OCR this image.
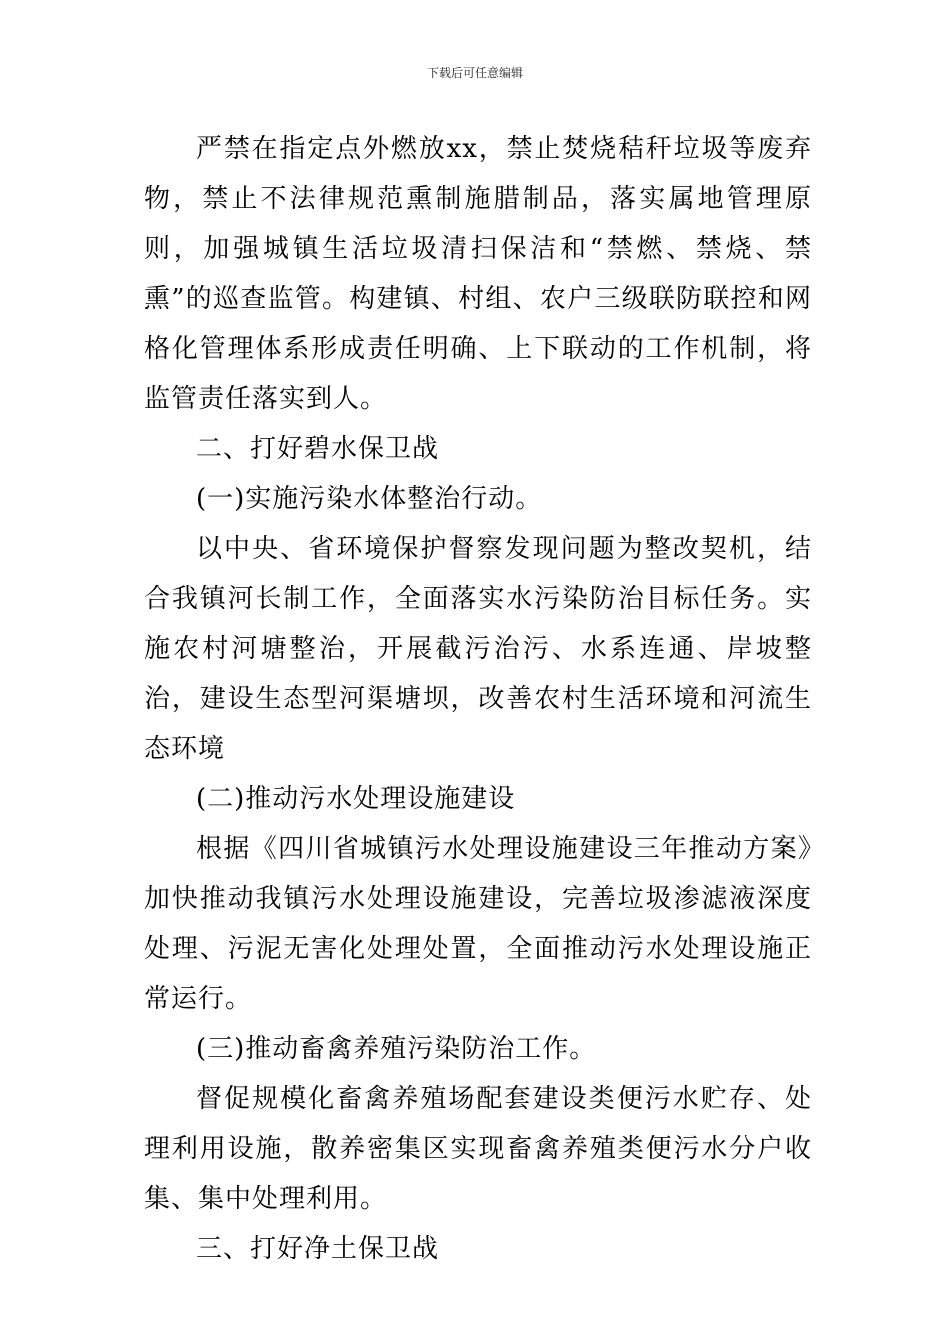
下载后可任意编辑

严禁在指定点外燃放xx，禁止焚烧秸秆垃圾等废弃物，禁止不法律规范熏制施腊制品，落实属地管理原则，加强城镇生活垃圾清扫保洁和“禁燃、禁烧、禁熏”的巡查监管。构建镇、村组、农户三级联防联控和网格化管理体系形成责任明确、上下联动的工作机制，将监管责任落实到人。

二、打好碧水保卫战

(一)实施污染水体整治行动。

以中央、省环境保护督察发现问题为整改契机，结合我镇河长制工作，全面落实水污染防治目标任务。实施农村河塘整治，开展截污治污、水系连通、岸坡整治，建设生态型河渠塘坝，改善农村生活环境和河流生态环境

(二)推动污水处理设施建设

根据《四川省城镇污水处理设施建设三年推动方案》加快推动我镇污水处理设施建设，完善垃圾渗滤液深度处理、污泥无害化处理处置，全面推动污水处理设施正常运行。

(三)推动畜禽养殖污染防治工作。

督促规模化畜禽养殖场配套建设类便污水贮存、处理利用设施，散养密集区实现畜禽养殖类便污水分户收集、集中处理利用。

三、打好净土保卫战
